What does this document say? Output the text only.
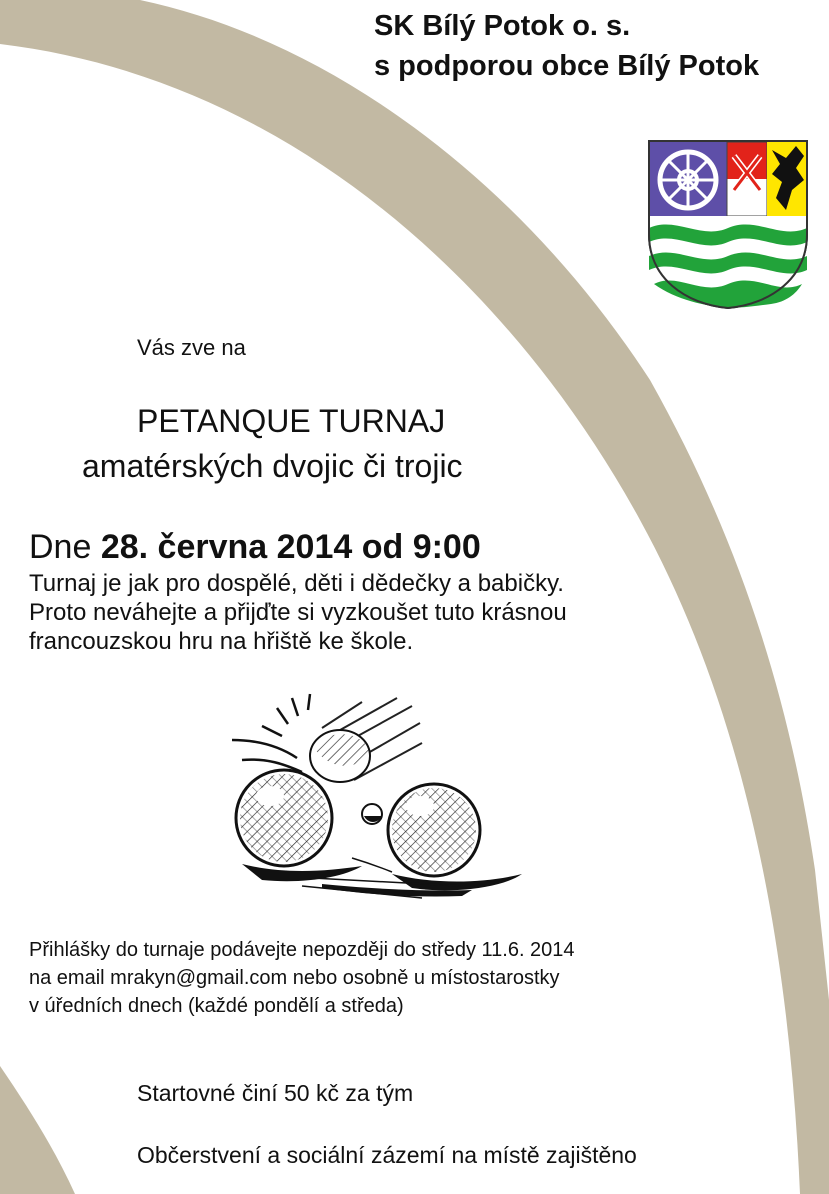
SK Bílý Potok o. s.
s podporou obce Bílý Potok

Vás zve na

PETANQUE TURNAJ

amatérských dvojic či trojic

Dne 28. června 2014 od 9:00

Turnaj je jak pro dospělé, děti i dědečky a babičky.
Proto neváhejte a přijďte si vyzkoušet tuto krásnou
francouzskou hru na hřiště ke škole.
Přihlášky do turnaje podávejte nepozději do středy 11.6. 2014
na email mrakyn@gmail.com nebo osobně u místostarostky
v úředních dnech (každé pondělí a středa)

Startovné činí 50 kč za tým

Občerstvení a sociální zázemí na místě zajištěno
